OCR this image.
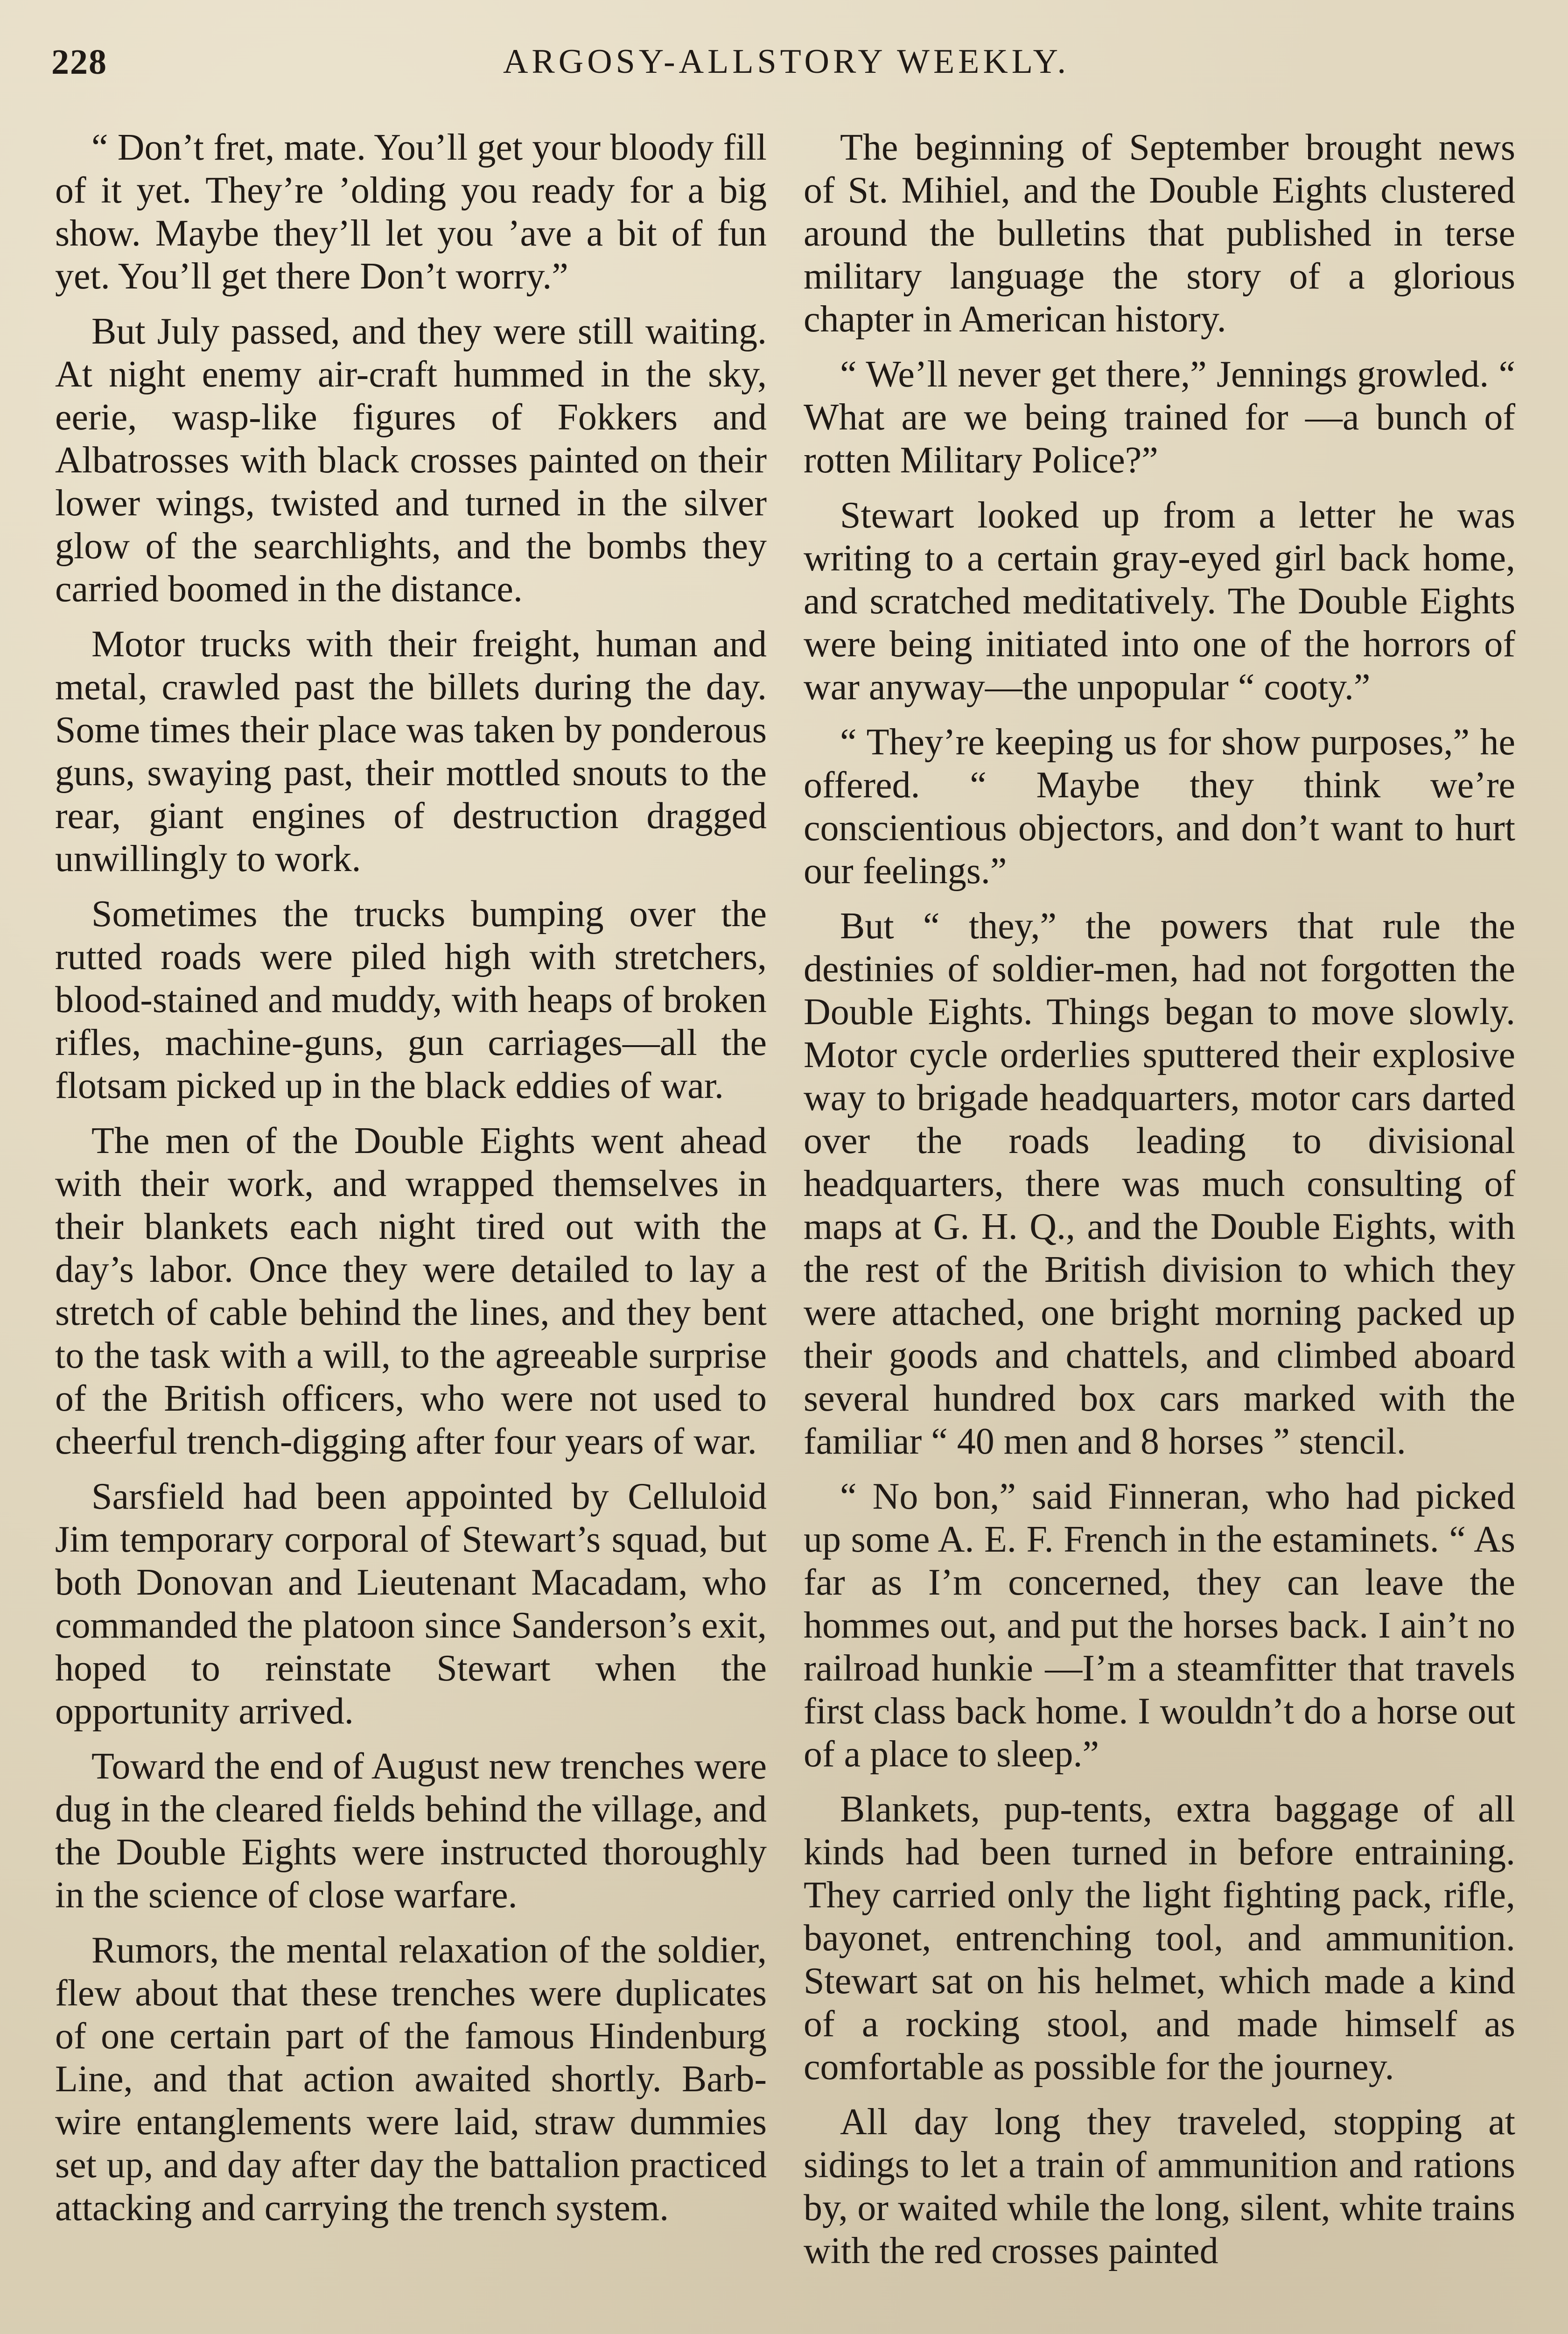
228	ARGOSY-ALLSTORY WEEKLY.

“ Don’t fret, mate. You’ll get your bloody fill of it yet. They’re ’olding you ready for a big show. Maybe they’ll let you ’ave a bit of fun yet. You’ll get there Don’t worry.”

But July passed, and they were still waiting. At night enemy air-craft hummed in the sky, eerie, wasp-like figures of Fokkers and Albatrosses with black crosses painted on their lower wings, twisted and turned in the silver glow of the searchlights, and the bombs they carried boomed in the distance.

Motor trucks with their freight, human and metal, crawled past the billets during the day. Some times their place was taken by ponderous guns, swaying past, their mottled snouts to the rear, giant engines of destruction dragged unwillingly to work.

Sometimes the trucks bumping over the rutted roads were piled high with stretchers, blood-stained and muddy, with heaps of broken rifles, machine-guns, gun carriages—all the flotsam picked up in the black eddies of war.

The men of the Double Eights went ahead with their work, and wrapped themselves in their blankets each night tired out with the day’s labor. Once they were detailed to lay a stretch of cable behind the lines, and they bent to the task with a will, to the agreeable surprise of the British officers, who were not used to cheerful trench-digging after four years of war.

Sarsfield had been appointed by Celluloid Jim temporary corporal of Stewart’s squad, but both Donovan and Lieutenant Macadam, who commanded the platoon since Sanderson’s exit, hoped to reinstate Stewart when the opportunity arrived.

Toward the end of August new trenches were dug in the cleared fields behind the village, and the Double Eights were instructed thoroughly in the science of close warfare.

Rumors, the mental relaxation of the soldier, flew about that these trenches were duplicates of one certain part of the famous Hindenburg Line, and that action awaited shortly. Barb-wire entanglements were laid, straw dummies set up, and day after day the battalion practiced attacking and carrying the trench system.

The beginning of September brought news of St. Mihiel, and the Double Eights clustered around the bulletins that published in terse military language the story of a glorious chapter in American history.

“ We’ll never get there,” Jennings growled. “ What are we being trained for —a bunch of rotten Military Police?”

Stewart looked up from a letter he was writing to a certain gray-eyed girl back home, and scratched meditatively. The Double Eights were being initiated into one of the horrors of war anyway—the unpopular “ cooty.”

“ They’re keeping us for show purposes,” he offered. “ Maybe they think we’re conscientious objectors, and don’t want to hurt our feelings.”

But “ they,” the powers that rule the destinies of soldier-men, had not forgotten the Double Eights. Things began to move slowly. Motor cycle orderlies sputtered their explosive way to brigade headquarters, motor cars darted over the roads leading to divisional headquarters, there was much consulting of maps at G. H. Q., and the Double Eights, with the rest of the British division to which they were attached, one bright morning packed up their goods and chattels, and climbed aboard several hundred box cars marked with the familiar “ 40 men and 8 horses ” stencil.

“ No bon,” said Finneran, who had picked up some A. E. F. French in the estaminets. “ As far as I’m concerned, they can leave the hommes out, and put the horses back. I ain’t no railroad hunkie —I’m a steamfitter that travels first class back home. I wouldn’t do a horse out of a place to sleep.”

Blankets, pup-tents, extra baggage of all kinds had been turned in before entraining. They carried only the light fighting pack, rifle, bayonet, entrenching tool, and ammunition. Stewart sat on his helmet, which made a kind of a rocking stool, and made himself as comfortable as possible for the journey.

All day long they traveled, stopping at sidings to let a train of ammunition and rations by, or waited while the long, silent, white trains with the red crosses painted
